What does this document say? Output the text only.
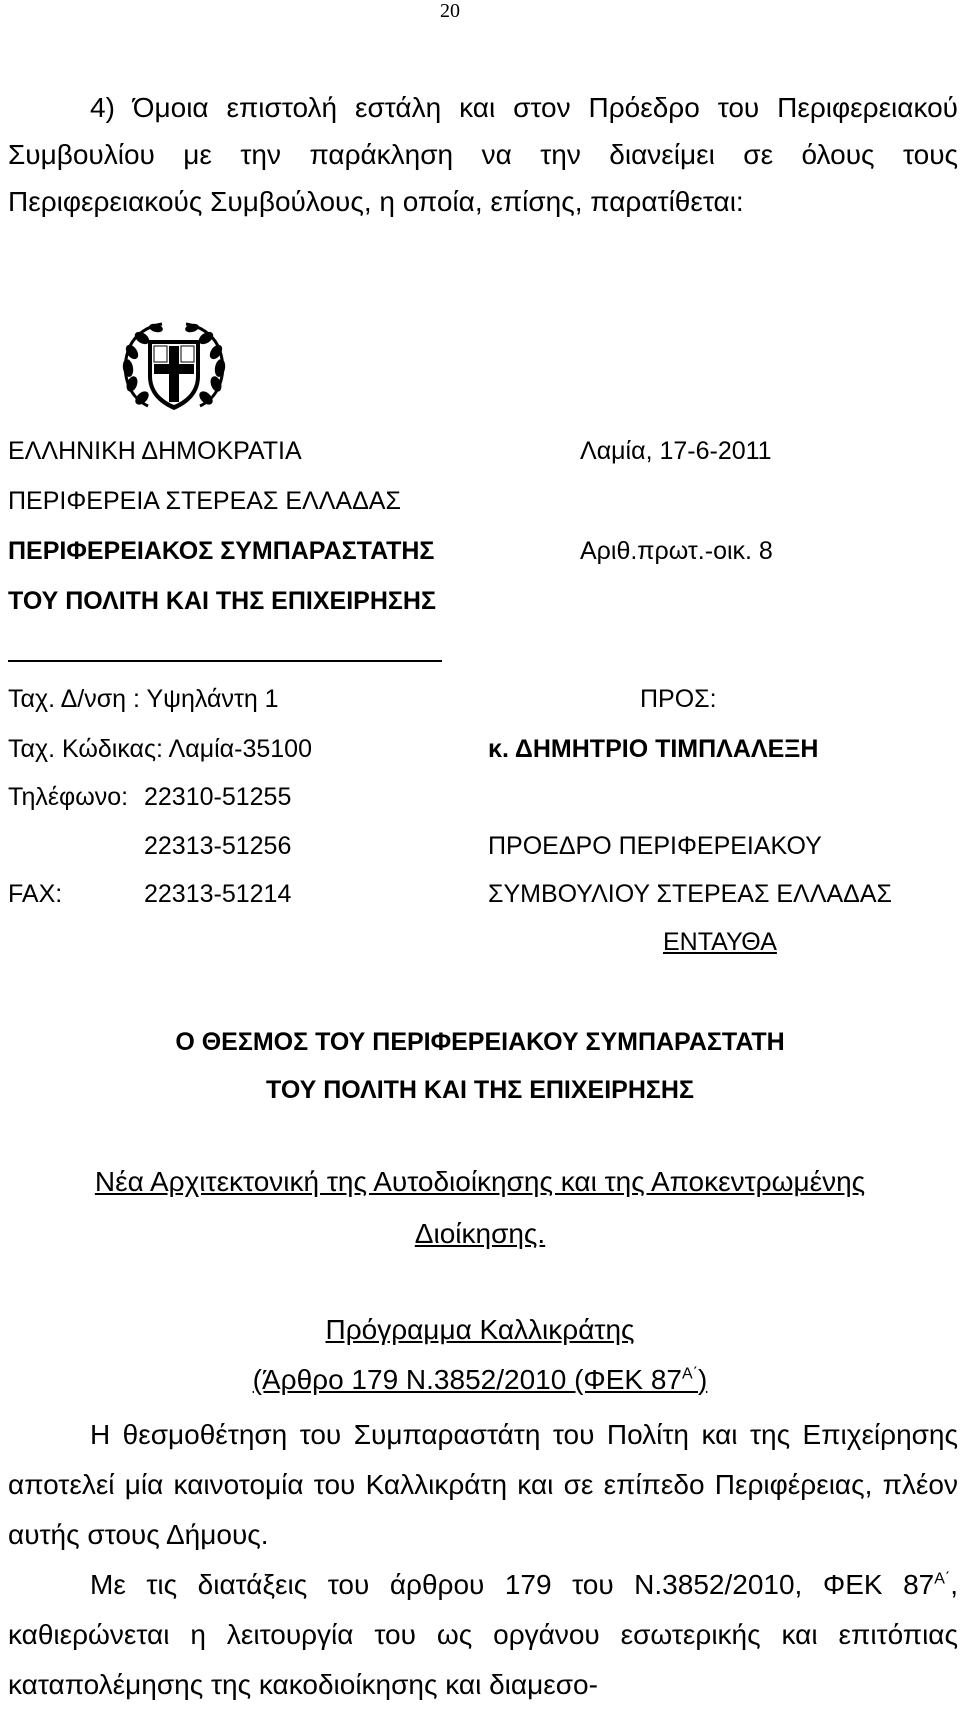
20
4) Όμοια επιστολή εστάλη και στον Πρόεδρο του Περιφερειακού Συμβουλίου με την παράκληση να την διανείμει σε όλους τους Περιφερειακούς Συμβούλους, η οποία, επίσης, παρατίθεται:
ΕΛΛΗΝΙΚΗ ΔΗΜΟΚΡΑΤΙΑ	Λαμία, 17-6-2011
ΠΕΡΙΦΕΡΕΙΑ ΣΤΕΡΕΑΣ ΕΛΛΑΔΑΣ
ΠΕΡΙΦΕΡΕΙΑΚΟΣ ΣΥΜΠΑΡΑΣΤΑΤΗΣ	Αριθ.πρωτ.-οικ. 8
ΤΟΥ ΠΟΛΙΤΗ ΚΑΙ ΤΗΣ ΕΠΙΧΕΙΡΗΣΗΣ
Ταχ. Δ/νση : Υψηλάντη 1	ΠΡΟΣ:
Ταχ. Κώδικας: Λαμία-35100	κ. ΔΗΜΗΤΡΙΟ ΤΙΜΠΛΑΛΕΞΗ
Τηλέφωνο: 22310-51255
22313-51256	ΠΡΟΕΔΡΟ ΠΕΡΙΦΕΡΕΙΑΚΟΥ
FAX:	22313-51214	ΣΥΜΒΟΥΛΙΟΥ ΣΤΕΡΕΑΣ ΕΛΛΑΔΑΣ
ΕΝΤΑΥΘΑ
Ο ΘΕΣΜΟΣ ΤΟΥ ΠΕΡΙΦΕΡΕΙΑΚΟΥ ΣΥΜΠΑΡΑΣΤΑΤΗ
ΤΟΥ ΠΟΛΙΤΗ ΚΑΙ ΤΗΣ ΕΠΙΧΕΙΡΗΣΗΣ
Νέα Αρχιτεκτονική της Αυτοδιοίκησης και της Αποκεντρωμένης
Διοίκησης.
Πρόγραμμα Καλλικράτης
(Άρθρο 179 Ν.3852/2010 (ΦΕΚ $87^{A΄}$)
Η θεσμοθέτηση του Συμπαραστάτη του Πολίτη και της Επιχείρησης αποτελεί μία καινοτομία του Καλλικράτη και σε επίπεδο Περιφέρειας, πλέον αυτής στους Δήμους.
Με τις διατάξεις του άρθρου 179 του Ν.3852/2010, ΦΕΚ $87^{A΄}$, καθιερώνεται η λειτουργία του ως οργάνου εσωτερικής και επιτόπιας καταπολέμησης της κακοδιοίκησης και διαμεσο-
